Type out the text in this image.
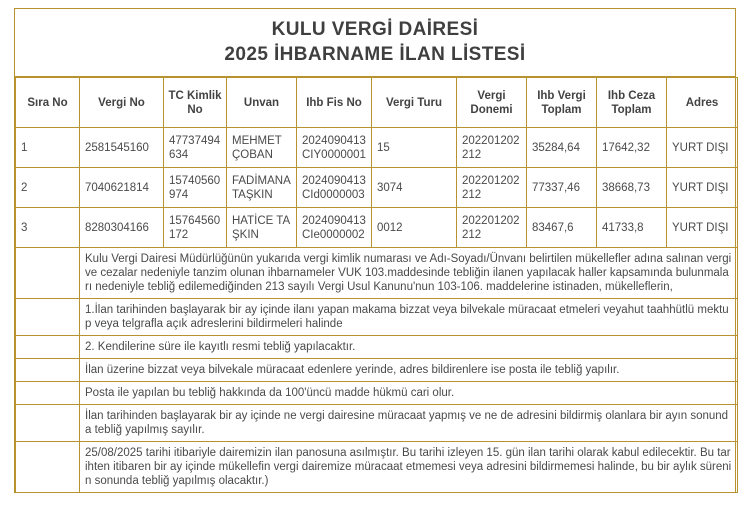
KULU VERGİ DAİRESİ
2025 İHBARNAME İLAN LİSTESİ
Sıra No	Vergi No	TC Kimlik No	Unvan	Ihb Fis No	Vergi Turu	Vergi Donemi	Ihb Vergi Toplam	Ihb Ceza Toplam	Adres
1	2581545160	47737494634	MEHMET ÇOBAN	2024090413CIY0000001	15	202201202212	35284,64	17642,32	YURT DIŞI
2	7040621814	15740560974	FADİMANA TAŞKIN	2024090413CId0000003	3074	202201202212	77337,46	38668,73	YURT DIŞI
3	8280304166	15764560172	HATİCE TAŞKIN	2024090413CIe0000002	0012	202201202212	83467,6	41733,8	YURT DIŞI

	Kulu Vergi Dairesi Müdürlüğünün yukarıda vergi kimlik numarası ve Adı-Soyadı/Ünvanı belirtilen mükellefler adına salınan vergi ve cezalar nedeniyle tanzim olunan ihbarnameler VUK 103.maddesinde tebliğin ilanen yapılacak haller kapsamında bulunmaları nedeniyle tebliğ edilemediğinden 213 sayılı Vergi Usul Kanunu'nun 103-106. maddelerine istinaden, mükelleflerin,								

	1.İlan tarihinden başlayarak bir ay içinde ilanı yapan makama bizzat veya bilvekale müracaat etmeleri veyahut taahhütlü mektup veya telgrafla açık adreslerini bildirmeleri halinde								

	2. Kendilerine süre ile kayıtlı resmi tebliğ yapılacaktır.								

	İlan üzerine bizzat veya bilvekale müracaat edenlere yerinde, adres bildirenlere ise posta ile tebliğ yapılır.								

	Posta ile yapılan bu tebliğ hakkında da 100'üncü madde hükmü cari olur.								

	İlan tarihinden başlayarak bir ay içinde ne vergi dairesine müracaat yapmış ve ne de adresini bildirmiş olanlara bir ayın sonunda tebliğ yapılmış sayılır.								

	25/08/2025 tarihi itibariyle dairemizin ilan panosuna asılmıştır. Bu tarihi izleyen 15. gün ilan tarihi olarak kabul edilecektir. Bu tarihten itibaren bir ay içinde mükellefin vergi dairemize müracaat etmemesi veya adresini bildirmemesi halinde, bu bir aylık sürenin sonunda tebliğ yapılmış olacaktır.)								
